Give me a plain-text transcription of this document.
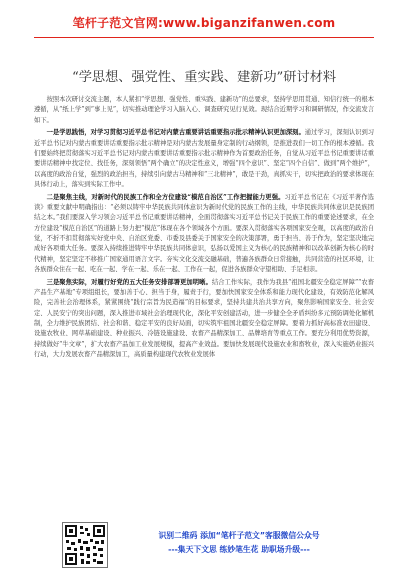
笔杆子范文官网:www.biganzifanwen.com
“学思想、强党性、重实践、建新功”研讨材料

按照本次研讨交流主题，本人紧扣“学思想、强党性、重实践、建新功”的总要求，坚持学思用贯通、知信行统一的根本遵循，从“纸上学”到“事上见”，切实推动理论学习入脑入心、调查研究见行见效。现结合近期学习和调研情况，作交流发言如下。

一是学思践悟，对学习贯彻习近平总书记对内蒙古重要讲话重要指示批示精神认识更加深刻。通过学习，深刻认识到习近平总书记对内蒙古重要讲话重要指示批示精神是对内蒙古发展量身定制的行动纲领，是推进我们一切工作的根本遵循。我们要始终把贯彻落实习近平总书记对内蒙古重要讲话重要指示批示精神作为首要政治任务，自觉从习近平总书记重要讲话重要讲话精神中找定位、找任务，深刻领悟“两个确立”的决定性意义，增强“四个意识”、坚定“四个自信”、做到“两个维护”，以高度的政治自觉，强烈的政治担当，持续引向蒙古马精神和“三北精神”，敢是干劲，真抓实干，切实把政治的要求体现在具体行动上，落实到实际工作中。

二是聚焦主线，对新时代的民族工作和全方位建设“模范自治区”工作把握能力更强。习近平总书记在《习近平著作选读》重要文献中明确指出：“必须以铸牢中华民族共同体意识为新时代党的民族工作的主线，中华民族共同体意识是民族团结之本。”我们要深入学习领会习近平总书记重要讲话精神，全面贯彻落实习近平总书记关于民族工作的重要论述要求，在全方位建设“模范自治区”的道路上努力把“模范”体现在各个领域各个方面。要深入贯彻落实各项国家安全观，以高度的政治自觉，不折不扣贯彻落实好党中央、自治区党委、市委及县委关于国家安全的决策部署，勇于担当、善于作为，坚定坚决地完成好各项重大任务。要深入持续推进铸牢中华民族共同体意识，弘扬以爱国主义为核心的民族精神和以改革创新为核心的时代精神，坚定坚定不移推广国家通用语言文字。夯实文化交流交融基础，普遍各族群众日常接触，共同营造的社区环境，让各族群众住在一起、吃在一起、学在一起、乐在一起、工作在一起，促进各族群众守望相助、手足相亲。

三是聚焦实际，对履行好党的五大任务安排部署更加明晰。结合工作实际，我作为我县“祖国北疆安全稳定屏障”“农畜产品生产基地”专项组组长，要加善于心、担当于身，履责于行，要加快国家安全体系和能力现代化建设，有效防范化解风险，完善社会治理体系，紧紧围绕“践行宗旨为民造福”的目标要求，坚持共建共治共享方向，聚焦影响国家安全、社会安定、人民安宁的突出问题，深入推进市域社会治理现代化，深化平安创建活动，进一步健全全矛盾纠纷多元预防调处化解机制，全力维护民族团结、社会和谐、稳定平安的良好局面，切实筑牢祖国北疆安全稳定屏障。要着力抓好高标准农田建设、设施农牧业、网草基础建设、种业振兴、冷链设施建设、农畜产品精深加工、品牌培育等重点工作。要充分利用优势资源，持续做好“牛文章”，扩大农畜产品加工业发展规模，提高产业效益。要加快发展现代设施农业和畜牧业，深入实施奶业振兴行动，大力发展农畜产品精深加工，高质量构建现代农牧业发展体

识别二维码 添加“笔杆子范文”客服微信公众号
---集天下文思 练妙笔生花 助职场升级---
